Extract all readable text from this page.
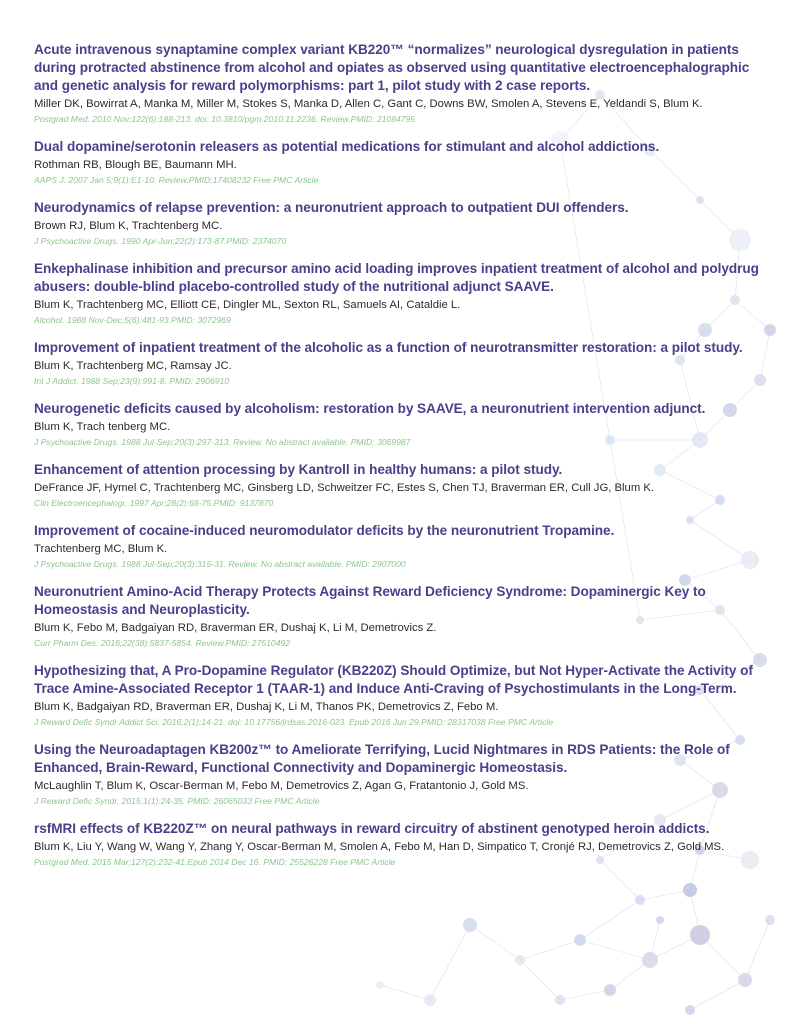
Acute intravenous synaptamine complex variant KB220™ “normalizes” neurological dysregulation in patients during protracted abstinence from alcohol and opiates as observed using quantitative electroencephalographic and genetic analysis for reward polymorphisms: part 1, pilot study with 2 case reports.
Miller DK, Bowirrat A, Manka M, Miller M, Stokes S, Manka D, Allen C, Gant C, Downs BW, Smolen A, Stevens E, Yeldandi S, Blum K.
Postgrad Med. 2010 Nov;122(6):188-213. doi: 10.3810/pgm.2010.11.2236. Review.PMID: 21084795
Dual dopamine/serotonin releasers as potential medications for stimulant and alcohol addictions.
Rothman RB, Blough BE, Baumann MH.
AAPS J. 2007 Jan 5;9(1):E1-10. Review.PMID:17408232 Free PMC Article
Neurodynamics of relapse prevention: a neuronutrient approach to outpatient DUI offenders.
Brown RJ, Blum K, Trachtenberg MC.
J Psychoactive Drugs. 1990 Apr-Jun;22(2):173-87.PMID: 2374070
Enkephalinase inhibition and precursor amino acid loading improves inpatient treatment of alcohol and polydrug abusers: double-blind placebo-controlled study of the nutritional adjunct SAAVE.
Blum K, Trachtenberg MC, Elliott CE, Dingler ML, Sexton RL, Samuels AI, Cataldie L.
Alcohol. 1988 Nov-Dec;5(6):481-93.PMID: 3072969
Improvement of inpatient treatment of the alcoholic as a function of neurotransmitter restoration: a pilot study.
Blum K, Trachtenberg MC, Ramsay JC.
Int J Addict. 1988 Sep;23(9):991-8. PMID: 2906910
Neurogenetic deficits caused by alcoholism: restoration by SAAVE, a neuronutrient intervention adjunct.
Blum K, Trach tenberg MC.
J Psychoactive Drugs. 1988 Jul-Sep;20(3):297-313. Review. No abstract available. PMID: 3069987
Enhancement of attention processing by Kantroll in healthy humans: a pilot study.
DeFrance JF, Hymel C, Trachtenberg MC, Ginsberg LD, Schweitzer FC, Estes S, Chen TJ, Braverman ER, Cull JG, Blum K.
Clin Electroencephalogr. 1997 Apr;28(2):68-75.PMID: 9137870
Improvement of cocaine-induced neuromodulator deficits by the neuronutrient Tropamine.
Trachtenberg MC, Blum K.
J Psychoactive Drugs. 1988 Jul-Sep;20(3):315-31. Review. No abstract available. PMID: 2907000
Neuronutrient Amino-Acid Therapy Protects Against Reward Deficiency Syndrome: Dopaminergic Key to Homeostasis and Neuroplasticity.
Blum K, Febo M, Badgaiyan RD, Braverman ER, Dushaj K, Li M, Demetrovics Z.
Curr Pharm Des. 2016;22(38):5837-5854. Review.PMID: 27510492
Hypothesizing that, A Pro-Dopamine Regulator (KB220Z) Should Optimize, but Not Hyper-Activate the Activity of Trace Amine-Associated Receptor 1 (TAAR-1) and Induce Anti-Craving of Psychostimulants in the Long-Term.
Blum K, Badgaiyan RD, Braverman ER, Dushaj K, Li M, Thanos PK, Demetrovics Z, Febo M.
J Reward Defic Syndr Addict Sci. 2016;2(1):14-21. doi: 10.17756/jrdsas.2016-023. Epub 2016 Jun 29.PMID: 28317038 Free PMC Article
Using the Neuroadaptagen KB200z™ to Ameliorate Terrifying, Lucid Nightmares in RDS Patients: the Role of Enhanced, Brain-Reward, Functional Connectivity and Dopaminergic Homeostasis.
McLaughlin T, Blum K, Oscar-Berman M, Febo M, Demetrovics Z, Agan G, Fratantonio J, Gold MS.
J Reward Defic Syndr. 2015;1(1):24-35. PMID: 26065033 Free PMC Article
rsfMRI effects of KB220Z™ on neural pathways in reward circuitry of abstinent genotyped heroin addicts.
Blum K, Liu Y, Wang W, Wang Y, Zhang Y, Oscar-Berman M, Smolen A, Febo M, Han D, Simpatico T, Cronjé RJ, Demetrovics Z, Gold MS.
Postgrad Med. 2015 Mar;127(2):232-41.Epub 2014 Dec 16. PMID: 25526228 Free PMC Article
